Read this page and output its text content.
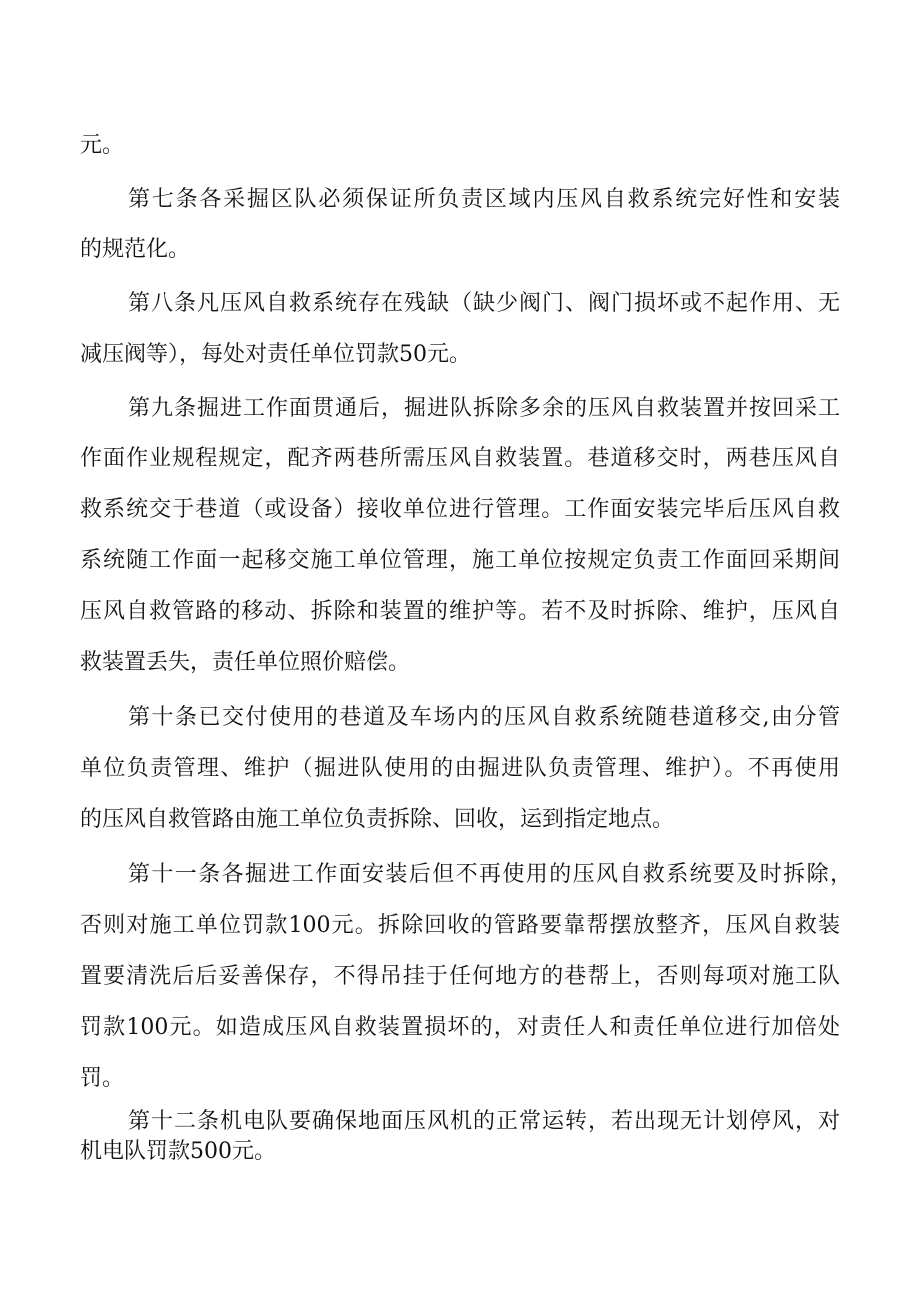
元。
第七条各采掘区队必须保证所负责区域内压风自救系统完好性和安装
的规范化。
第八条凡压风自救系统存在残缺（缺少阀门、阀门损坏或不起作用、无
减压阀等），每处对责任单位罚款50元。
第九条掘进工作面贯通后，掘进队拆除多余的压风自救装置并按回采工
作面作业规程规定，配齐两巷所需压风自救装置。巷道移交时，两巷压风自
救系统交于巷道（或设备）接收单位进行管理。工作面安装完毕后压风自救
系统随工作面一起移交施工单位管理，施工单位按规定负责工作面回采期间
压风自救管路的移动、拆除和装置的维护等。若不及时拆除、维护，压风自
救装置丢失，责任单位照价赔偿。
第十条已交付使用的巷道及车场内的压风自救系统随巷道移交,由分管
单位负责管理、维护（掘进队使用的由掘进队负责管理、维护）。不再使用
的压风自救管路由施工单位负责拆除、回收，运到指定地点。
第十一条各掘进工作面安装后但不再使用的压风自救系统要及时拆除，
否则对施工单位罚款100元。拆除回收的管路要靠帮摆放整齐，压风自救装
置要清洗后后妥善保存，不得吊挂于任何地方的巷帮上，否则每项对施工队
罚款100元。如造成压风自救装置损坏的，对责任人和责任单位进行加倍处
罚。
第十二条机电队要确保地面压风机的正常运转，若出现无计划停风，对
机电队罚款500元。
